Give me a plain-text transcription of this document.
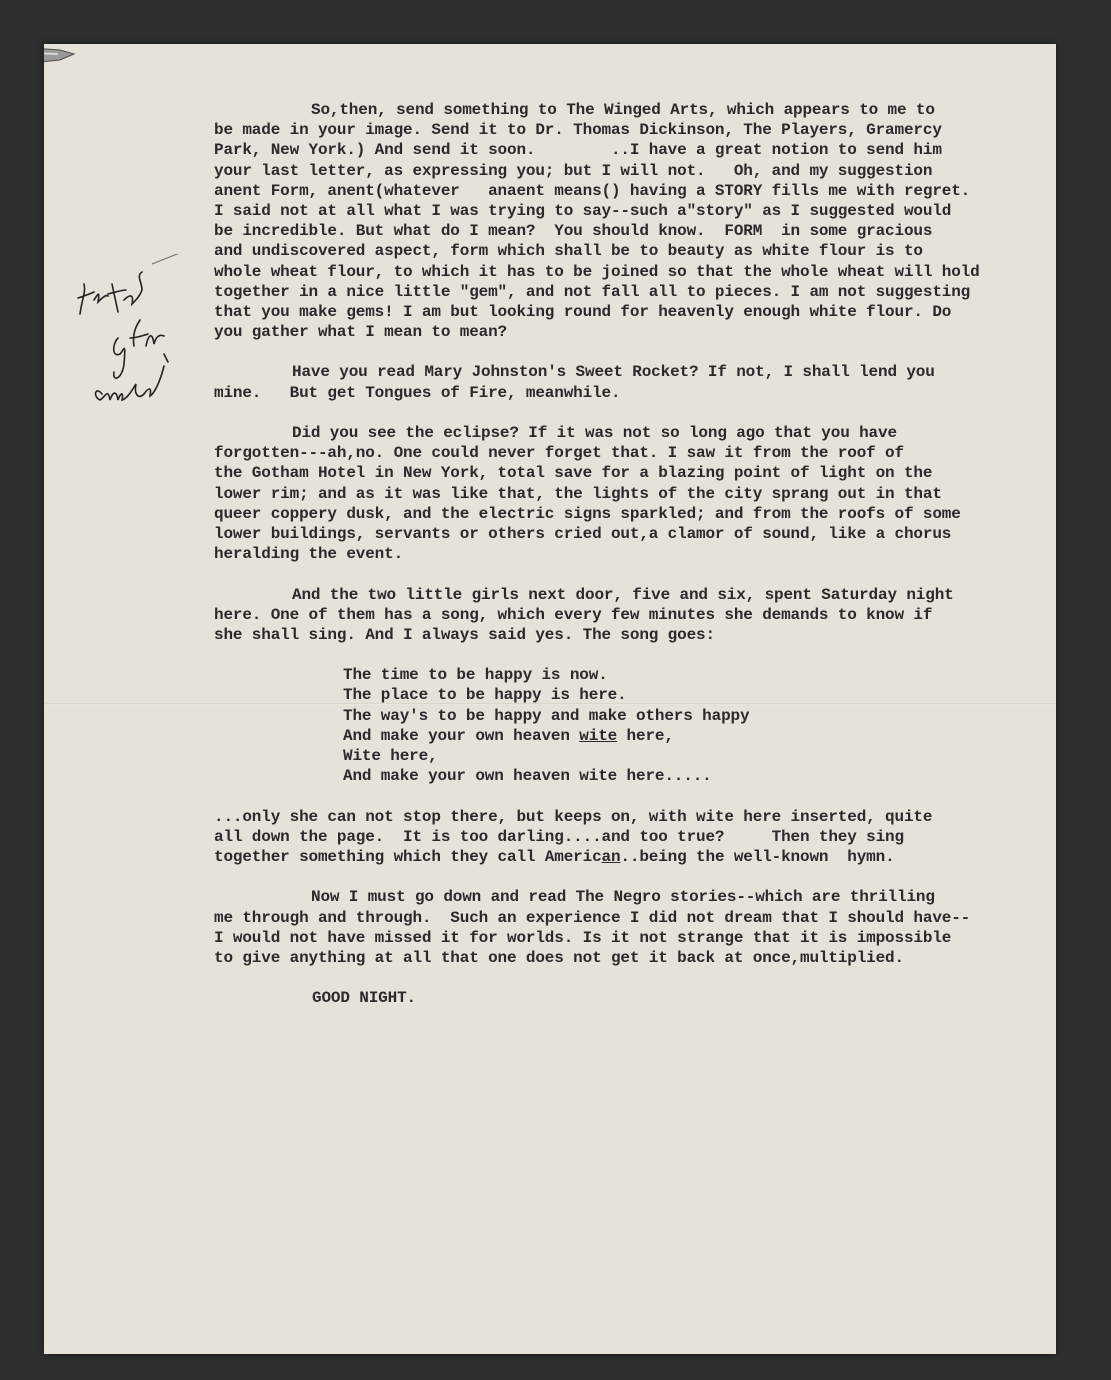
So,then, send something to The Winged Arts, which appears to me to
be made in your image. Send it to Dr. Thomas Dickinson, The Players, Gramercy
Park, New York.) And send it soon.        ..I have a great notion to send him
your last letter, as expressing you; but I will not.   Oh, and my suggestion
anent Form, anent(whatever   anaent means() having a STORY fills me with regret.
I said not at all what I was trying to say--such a"story" as I suggested would
be incredible. But what do I mean?  You should know.  FORM  in some gracious
and undiscovered aspect, form which shall be to beauty as white flour is to
whole wheat flour, to which it has to be joined so that the whole wheat will hold
together in a nice little "gem", and not fall all to pieces. I am not suggesting
that you make gems! I am but looking round for heavenly enough white flour. Do
you gather what I mean to mean?
Have you read Mary Johnston's Sweet Rocket? If not, I shall lend you
mine.   But get Tongues of Fire, meanwhile.
Did you see the eclipse? If it was not so long ago that you have
forgotten---ah,no. One could never forget that. I saw it from the roof of
the Gotham Hotel in New York, total save for a blazing point of light on the
lower rim; and as it was like that, the lights of the city sprang out in that
queer coppery dusk, and the electric signs sparkled; and from the roofs of some
lower buildings, servants or others cried out,a clamor of sound, like a chorus
heralding the event.
And the two little girls next door, five and six, spent Saturday night
here. One of them has a song, which every few minutes she demands to know if
she shall sing. And I always said yes. The song goes:
The time to be happy is now.
The place to be happy is here.
The way's to be happy and make others happy
And make your own heaven wite here,
Wite here,
And make your own heaven wite here.....
...only she can not stop there, but keeps on, with wite here inserted, quite
all down the page.  It is too darling....and too true?     Then they sing
together something which they call American..being the well-known  hymn.
Now I must go down and read The Negro stories--which are thrilling
me through and through.  Such an experience I did not dream that I should have--
I would not have missed it for worlds. Is it not strange that it is impossible
to give anything at all that one does not get it back at once,multiplied.
GOOD NIGHT.
